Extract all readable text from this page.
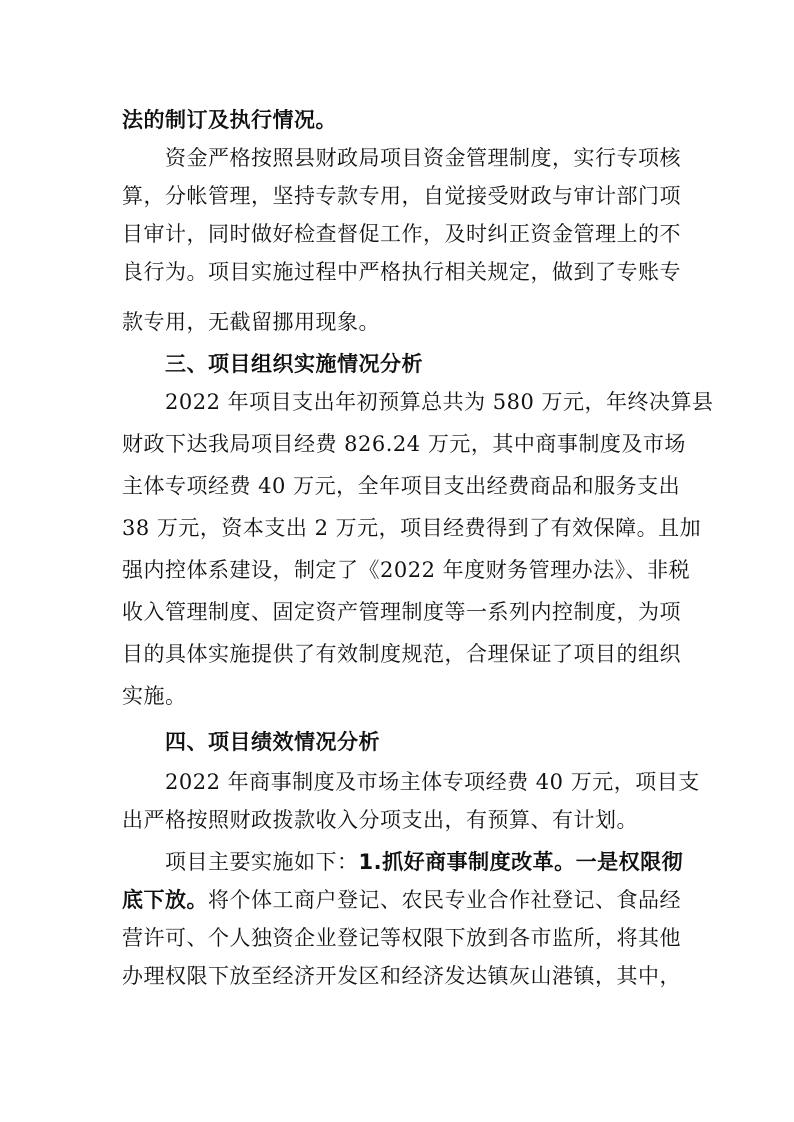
法的制订及执行情况。
资金严格按照县财政局项目资金管理制度，实行专项核
算，分帐管理，坚持专款专用，自觉接受财政与审计部门项
目审计，同时做好检查督促工作，及时纠正资金管理上的不
良行为。项目实施过程中严格执行相关规定，做到了专账专
款专用，无截留挪用现象。
三、项目组织实施情况分析
2022 年项目支出年初预算总共为 580 万元，年终决算县
财政下达我局项目经费 826.24 万元，其中商事制度及市场
主体专项经费 40 万元，全年项目支出经费商品和服务支出
38 万元，资本支出 2 万元，项目经费得到了有效保障。且加
强内控体系建设，制定了《2022 年度财务管理办法》、非税
收入管理制度、固定资产管理制度等一系列内控制度，为项
目的具体实施提供了有效制度规范，合理保证了项目的组织
实施。
四、项目绩效情况分析
2022 年商事制度及市场主体专项经费 40 万元，项目支
出严格按照财政拨款收入分项支出，有预算、有计划。
项目主要实施如下：1.抓好商事制度改革。一是权限彻
底下放。将个体工商户登记、农民专业合作社登记、食品经
营许可、个人独资企业登记等权限下放到各市监所，将其他
办理权限下放至经济开发区和经济发达镇灰山港镇，其中，
